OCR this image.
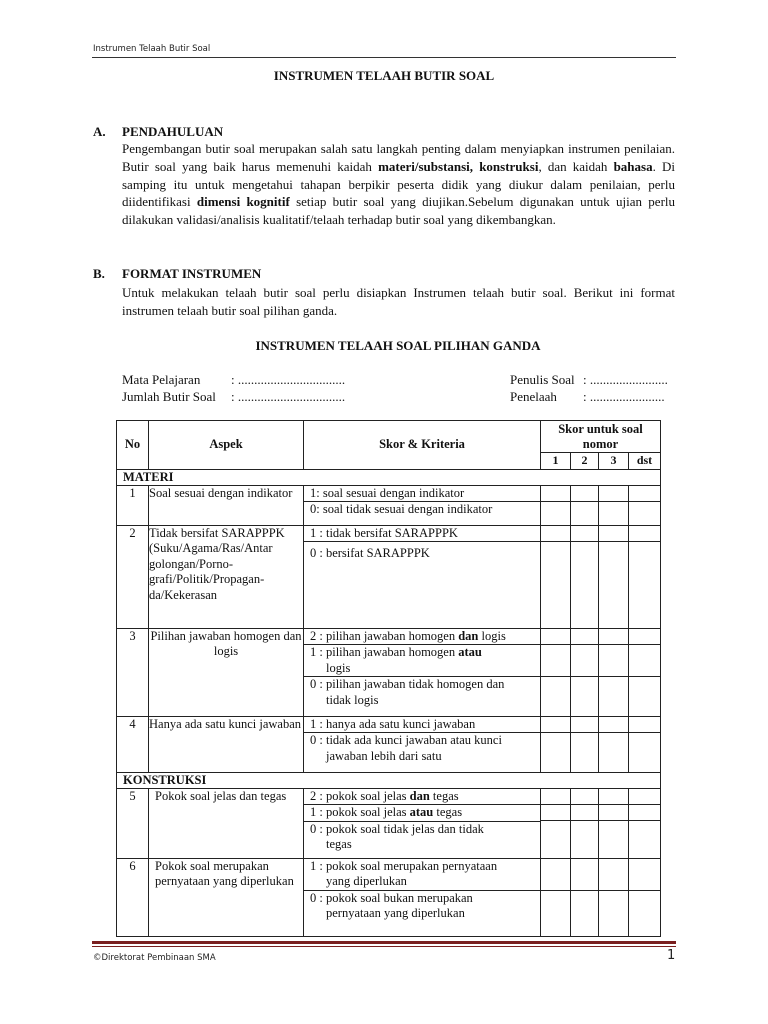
Instrumen Telaah Butir Soal
INSTRUMEN TELAAH BUTIR SOAL
A. PENDAHULUAN
Pengembangan butir soal merupakan salah satu langkah penting dalam menyiapkan instrumen penilaian. Butir soal yang baik harus memenuhi kaidah materi/substansi, konstruksi, dan kaidah bahasa. Di samping itu untuk mengetahui tahapan berpikir peserta didik yang diukur dalam penilaian, perlu diidentifikasi dimensi kognitif setiap butir soal yang diujikan.Sebelum digunakan untuk ujian perlu dilakukan validasi/analisis kualitatif/telaah terhadap butir soal yang dikembangkan.
B. FORMAT INSTRUMEN
Untuk melakukan telaah butir soal perlu disiapkan Instrumen telaah butir soal. Berikut ini format instrumen telaah butir soal pilihan ganda.
INSTRUMEN TELAAH SOAL PILIHAN GANDA
Mata Pelajaran : .................................
Jumlah Butir Soal : .................................
Penulis Soal : ........................
Penelaah : .......................
No	Aspek	Skor & Kriteria	Skor untuk soal nomor			
			1	2	3	dst
MATERI						
1	Soal sesuai dengan indikator	1: soal sesuai dengan indikator
0: soal tidak sesuai dengan indikator				

2	Tidak bersifat SARAPPPK (Suku/Agama/Ras/Antar golongan/Porno-grafi/Politik/Propagan-da/Kekerasan	1 : tidak bersifat SARAPPPK
0 : bersifat SARAPPPK				

3	Pilihan jawaban homogen dan logis	2 : pilihan jawaban homogen dan logis
1 : pilihan jawaban homogen atau
logis
0 : pilihan jawaban tidak homogen dan
tidak logis				

4	Hanya ada satu kunci jawaban	1 : hanya ada satu kunci jawaban
0 : tidak ada kunci jawaban atau kunci
jawaban lebih dari satu				

KONSTRUKSI						
5	Pokok soal jelas dan tegas	2 : pokok soal jelas dan tegas
1 : pokok soal jelas atau tegas
0 : pokok soal tidak jelas dan tidak
tegas				

6	Pokok soal merupakan pernyataan yang diperlukan	1 : pokok soal merupakan pernyataan
yang diperlukan
0 : pokok soal bukan merupakan
pernyataan yang diperlukan				

©Direktorat Pembinaan SMA	1
